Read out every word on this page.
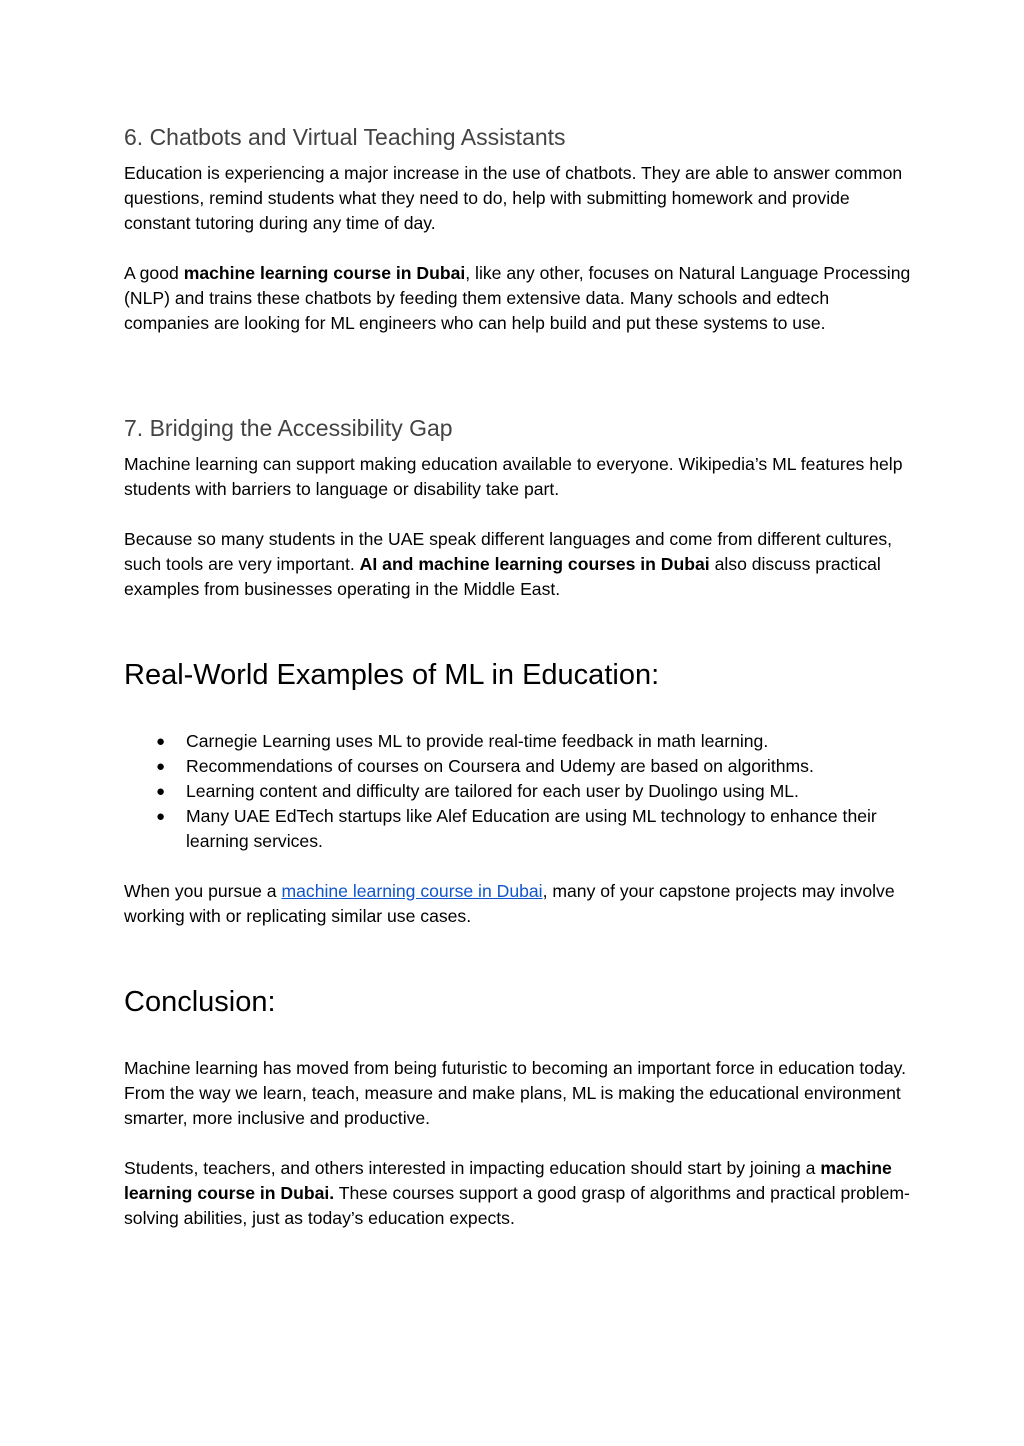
6. Chatbots and Virtual Teaching Assistants

Education is experiencing a major increase in the use of chatbots. They are able to answer common questions, remind students what they need to do, help with submitting homework and provide constant tutoring during any time of day.

A good machine learning course in Dubai, like any other, focuses on Natural Language Processing (NLP) and trains these chatbots by feeding them extensive data. Many schools and edtech companies are looking for ML engineers who can help build and put these systems to use.

7. Bridging the Accessibility Gap

Machine learning can support making education available to everyone. Wikipedia’s ML features help students with barriers to language or disability take part.

Because so many students in the UAE speak different languages and come from different cultures, such tools are very important. AI and machine learning courses in Dubai also discuss practical examples from businesses operating in the Middle East.

Real-World Examples of ML in Education:
● Carnegie Learning uses ML to provide real-time feedback in math learning.
● Recommendations of courses on Coursera and Udemy are based on algorithms.
● Learning content and difficulty are tailored for each user by Duolingo using ML.
● Many UAE EdTech startups like Alef Education are using ML technology to enhance their learning services.

When you pursue a machine learning course in Dubai, many of your capstone projects may involve working with or replicating similar use cases.

Conclusion:

Machine learning has moved from being futuristic to becoming an important force in education today. From the way we learn, teach, measure and make plans, ML is making the educational environment smarter, more inclusive and productive.

Students, teachers, and others interested in impacting education should start by joining a machine learning course in Dubai. These courses support a good grasp of algorithms and practical problem-solving abilities, just as today’s education expects.
